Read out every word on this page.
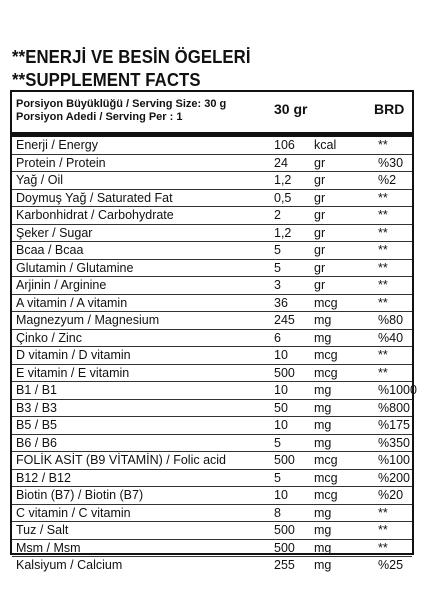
**ENERJİ VE BESİN ÖGELERİ
**SUPPLEMENT FACTS
Porsiyon Büyüklüğü / Serving Size: 30 g
Porsiyon Adedi / Serving Per : 1	30 gr	BRD
Enerji / Energy	106 kcal	**
Protein / Protein	24 gr	%30
Yağ / Oil	1,2 gr	%2
Doymuş Yağ / Saturated Fat	0,5 gr	**
Karbonhidrat / Carbohydrate	2	gr	**
Şeker / Sugar	1,2 gr	**
Bcaa / Bcaa	5	gr	**
Glutamin / Glutamine	5	gr	**
Arjinin / Arginine	3	gr	**
A vitamin / A vitamin	36 mcg	**
Magnezyum / Magnesium	245 mg	%80
Çinko / Zinc	6	mg	%40
D vitamin / D vitamin	10 mcg	**
E vitamin / E vitamin	500 mcg	**
B1 / B1	10 mg	%1000
B3 / B3	50 mg	%800
B5 / B5	10 mg	%175
B6 / B6	5	mg	%350
FOLİK ASİT (B9 VİTAMİN) / Folic acid	500 mcg	%100
B12 / B12	5	mcg	%200
Biotin (B7) / Biotin (B7)	10 mcg	%20
C vitamin / C vitamin	8	mg	**
Tuz / Salt	500 mg	**
Msm / Msm	500 mg	**
Kalsiyum / Calcium	255 mg	%25
